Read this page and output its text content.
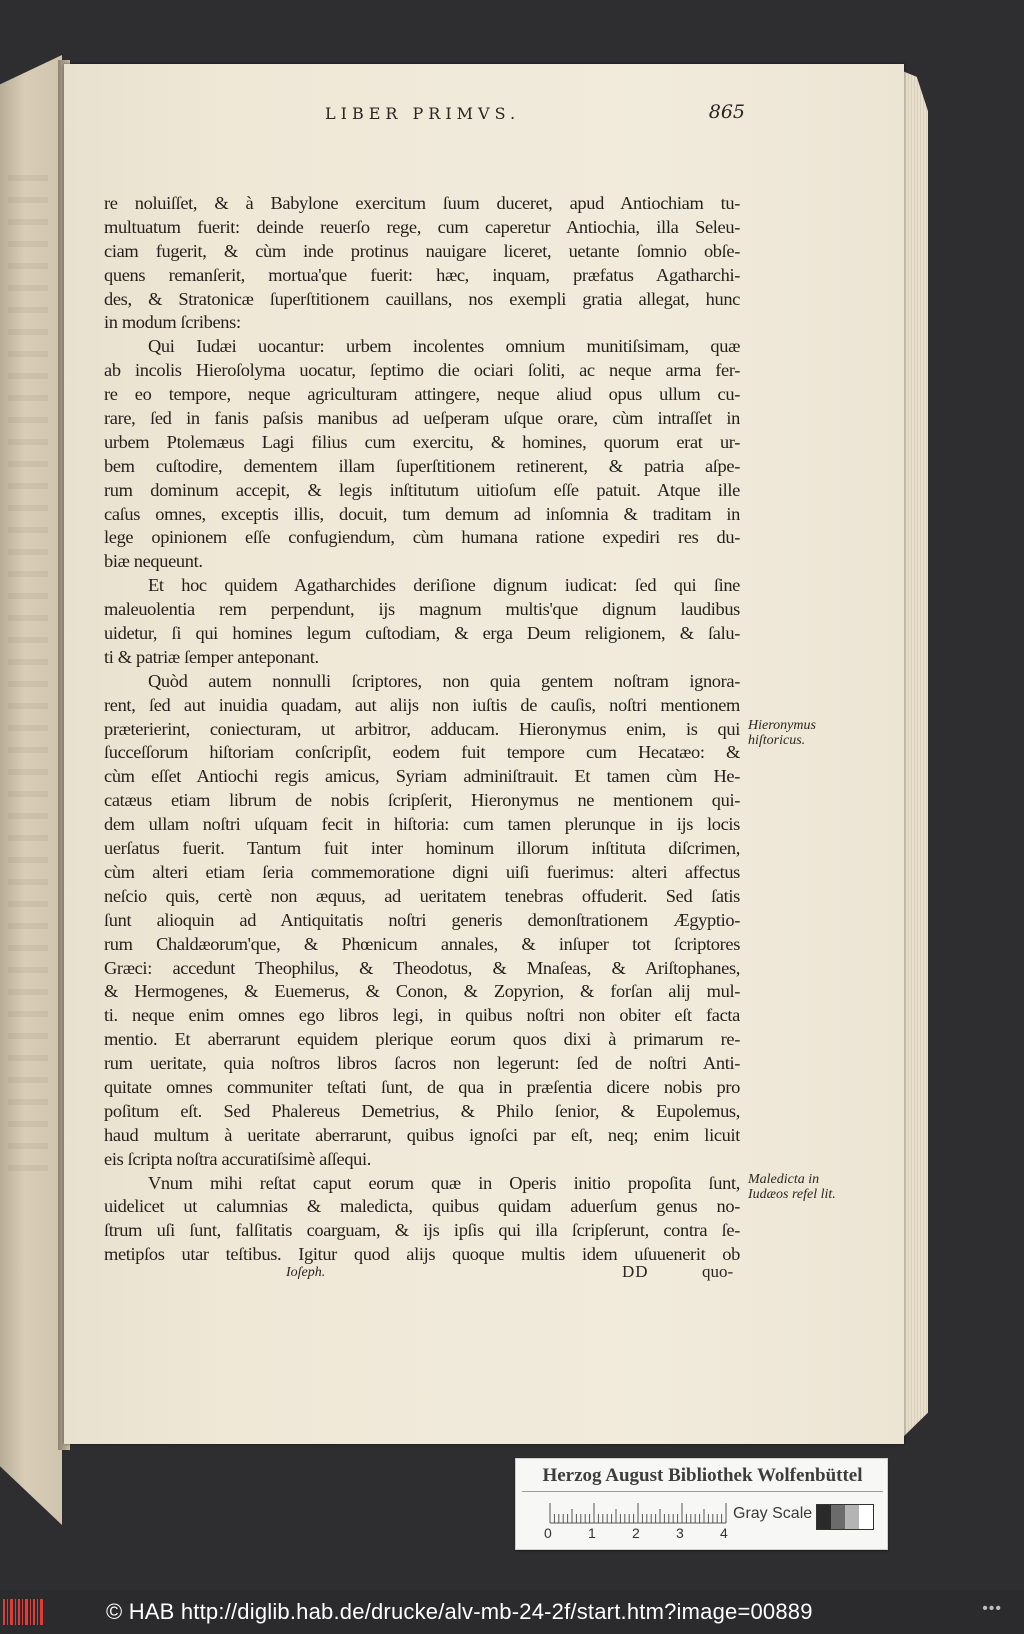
LIBER PRIMVS.	865
re noluiſſet, & à Babylone exercitum ſuum duceret, apud Antiochiam tu-
multuatum fuerit: deinde reuerſo rege, cum caperetur Antiochia, illa Seleu-
ciam fugerit, & cùm inde protinus nauigare liceret, uetante ſomnio obſe-
quens remanſerit, mortua'que fuerit: hæc, inquam, præfatus Agatharchi-
des, & Stratonicæ ſuperſtitionem cauillans, nos exempli gratia allegat, hunc
in modum ſcribens:
Qui Iudæi uocantur: urbem incolentes omnium munitiſsimam, quæ
ab incolis Hieroſolyma uocatur, ſeptimo die ociari ſoliti, ac neque arma fer-
re eo tempore, neque agriculturam attingere, neque aliud opus ullum cu-
rare, ſed in fanis paſsis manibus ad ueſperam uſque orare, cùm intraſſet in
urbem Ptolemæus Lagi filius cum exercitu, & homines, quorum erat ur-
bem cuſtodire, dementem illam ſuperſtitionem retinerent, & patria aſpe-
rum dominum accepit, & legis inſtitutum uitioſum eſſe patuit. Atque ille
caſus omnes, exceptis illis, docuit, tum demum ad inſomnia & traditam in
lege opinionem eſſe confugiendum, cùm humana ratione expediri res du-
biæ nequeunt.
Et hoc quidem Agatharchides deriſione dignum iudicat: ſed qui ſine
maleuolentia rem perpendunt, ijs magnum multis'que dignum laudibus
uidetur, ſi qui homines legum cuſtodiam, & erga Deum religionem, & ſalu-
ti & patriæ ſemper anteponant.
Quòd autem nonnulli ſcriptores, non quia gentem noſtram ignora-
rent, ſed aut inuidia quadam, aut alijs non iuſtis de cauſis, noſtri mentionem
præterierint, coniecturam, ut arbitror, adducam. Hieronymus enim, is qui
ſucceſſorum hiſtoriam conſcripſit, eodem fuit tempore cum Hecatæo: &
cùm eſſet Antiochi regis amicus, Syriam adminiſtrauit. Et tamen cùm He-
catæus etiam librum de nobis ſcripſerit, Hieronymus ne mentionem qui-
dem ullam noſtri uſquam fecit in hiſtoria: cum tamen plerunque in ijs locis
uerſatus fuerit. Tantum fuit inter hominum illorum inſtituta diſcrimen,
cùm alteri etiam ſeria commemoratione digni uiſi fuerimus: alteri affectus
neſcio quis, certè non æquus, ad ueritatem tenebras offuderit. Sed ſatis
ſunt alioquin ad Antiquitatis noſtri generis demonſtrationem Ægyptio-
rum Chaldæorum'que, & Phœnicum annales, & inſuper tot ſcriptores
Græci: accedunt Theophilus, & Theodotus, & Mnaſeas, & Ariſtophanes,
& Hermogenes, & Euemerus, & Conon, & Zopyrion, & forſan alij mul-
ti. neque enim omnes ego libros legi, in quibus noſtri non obiter eſt facta
mentio. Et aberrarunt equidem plerique eorum quos dixi à primarum re-
rum ueritate, quia noſtros libros ſacros non legerunt: ſed de noſtri Anti-
quitate omnes communiter teſtati ſunt, de qua in præſentia dicere nobis pro
poſitum eſt. Sed Phalereus Demetrius, & Philo ſenior, & Eupolemus,
haud multum à ueritate aberrarunt, quibus ignoſci par eſt, neq; enim licuit
eis ſcripta noſtra accuratiſsimè aſſequi.
Vnum mihi reſtat caput eorum quæ in Operis initio propoſita ſunt,
uidelicet ut calumnias & maledicta, quibus quidam aduerſum genus no-
ſtrum uſi ſunt, falſitatis coarguam, & ijs ipſis qui illa ſcripſerunt, contra ſe-
metipſos utar teſtibus. Igitur quod alijs quoque multis idem uſuuenerit ob
Hieronymus hiſtoricus.
Maledicta in Iudæos refel lit.
Ioſeph.	DD	quo-
Herzog August Bibliothek Wolfenbüttel
0	1	2	3	4
Gray Scale
© HAB http://diglib.hab.de/drucke/alv-mb-24-2f/start.htm?image=00889	•••
